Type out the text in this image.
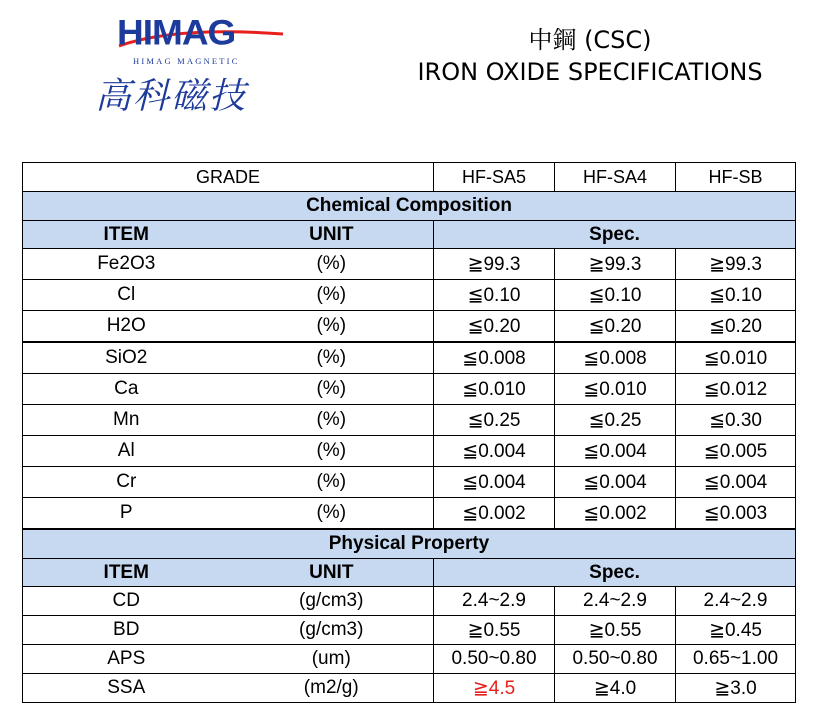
HIMAG
HIMAG MAGNETIC
高科磁技
中鋼 (CSC)
IRON OXIDE SPECIFICATIONS
GRADE		HF-SA5	HF-SA4	HF-SB
Chemical Composition				
ITEM	UNIT	Spec.		
Fe2O3	(%)	≧99.3	≧99.3	≧99.3
Cl	(%)	≦0.10	≦0.10	≦0.10
H2O	(%)	≦0.20	≦0.20	≦0.20
SiO2	(%)	≦0.008	≦0.008	≦0.010
Ca	(%)	≦0.010	≦0.010	≦0.012
Mn	(%)	≦0.25	≦0.25	≦0.30
Al	(%)	≦0.004	≦0.004	≦0.005
Cr	(%)	≦0.004	≦0.004	≦0.004
P	(%)	≦0.002	≦0.002	≦0.003
Physical Property				
ITEM	UNIT	Spec.		
CD	(g/cm3)	2.4~2.9	2.4~2.9	2.4~2.9
BD	(g/cm3)	≧0.55	≧0.55	≧0.45
APS	(um)	0.50~0.80	0.50~0.80	0.65~1.00
SSA	(m2/g)	≧4.5	≧4.0	≧3.0
